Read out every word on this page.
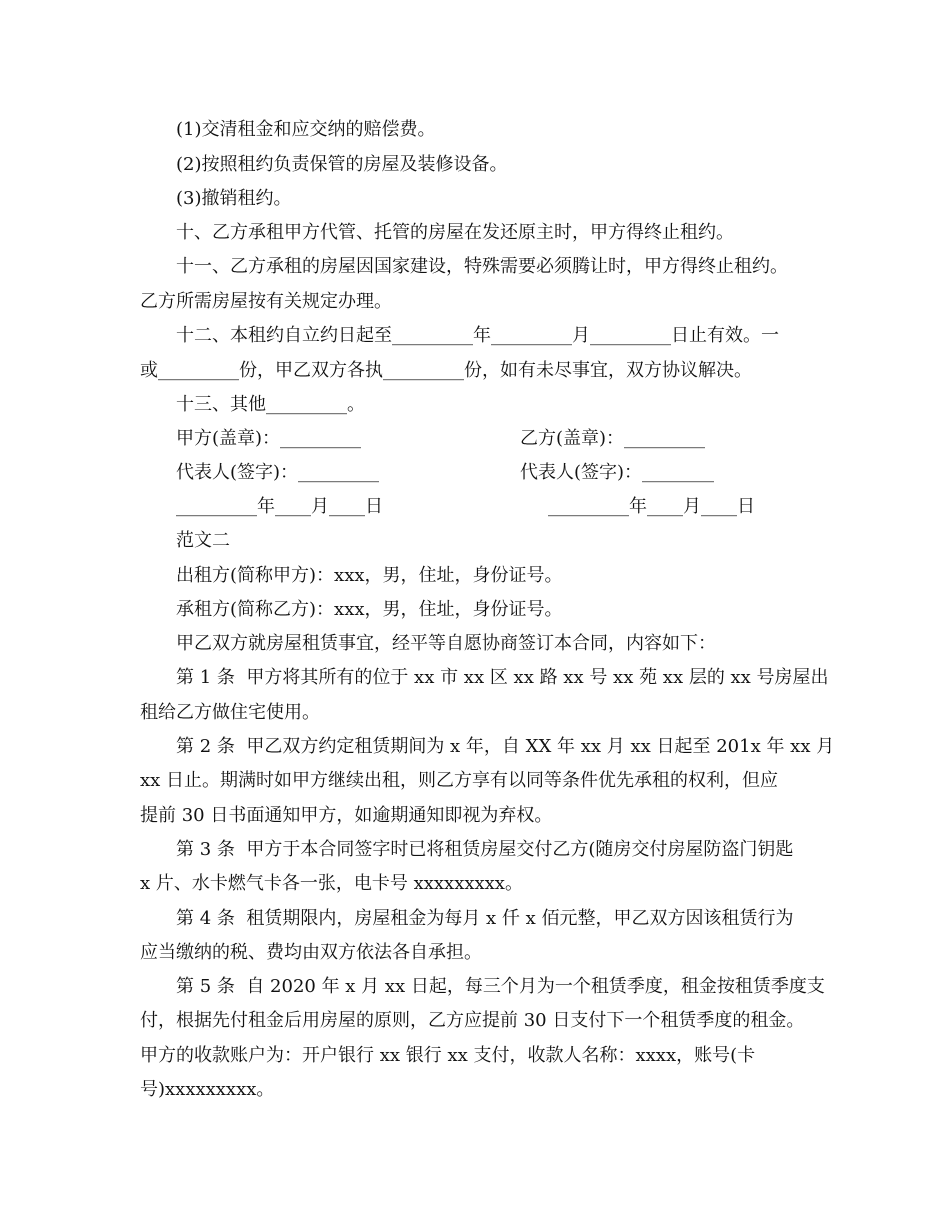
(1)交清租金和应交纳的赔偿费。
(2)按照租约负责保管的房屋及装修设备。
(3)撤销租约。
十、乙方承租甲方代管、托管的房屋在发还原主时，甲方得终止租约。
十一、乙方承租的房屋因国家建设，特殊需要必须腾让时，甲方得终止租约。
乙方所需房屋按有关规定办理。
十二、本租约自立约日起至_________年_________月_________日止有效。一
或_________份，甲乙双方各执_________份，如有未尽事宜，双方协议解决。
十三、其他_________。
甲方(盖章)：_________	乙方(盖章)：_________
代表人(签字)：_________	代表人(签字)：________
_________年____月____日	_________年____月____日
范文二
出租方(简称甲方)：xxx，男，住址，身份证号。
承租方(简称乙方)：xxx，男，住址，身份证号。
甲乙双方就房屋租赁事宜，经平等自愿协商签订本合同，内容如下：
第 1 条  甲方将其所有的位于 xx 市 xx 区 xx 路 xx 号 xx 苑 xx 层的 xx 号房屋出
租给乙方做住宅使用。
第 2 条  甲乙双方约定租赁期间为 x 年，自 XX 年 xx 月 xx 日起至 201x 年 xx 月
xx 日止。期满时如甲方继续出租，则乙方享有以同等条件优先承租的权利，但应
提前 30 日书面通知甲方，如逾期通知即视为弃权。
第 3 条  甲方于本合同签字时已将租赁房屋交付乙方(随房交付房屋防盗门钥匙
x 片、水卡燃气卡各一张，电卡号 xxxxxxxxx。
第 4 条  租赁期限内，房屋租金为每月 x 仟 x 佰元整，甲乙双方因该租赁行为
应当缴纳的税、费均由双方依法各自承担。
第 5 条  自 2020 年 x 月 xx 日起，每三个月为一个租赁季度，租金按租赁季度支
付，根据先付租金后用房屋的原则，乙方应提前 30 日支付下一个租赁季度的租金。
甲方的收款账户为：开户银行 xx 银行 xx 支付，收款人名称：xxxx，账号(卡
号)xxxxxxxxx。
